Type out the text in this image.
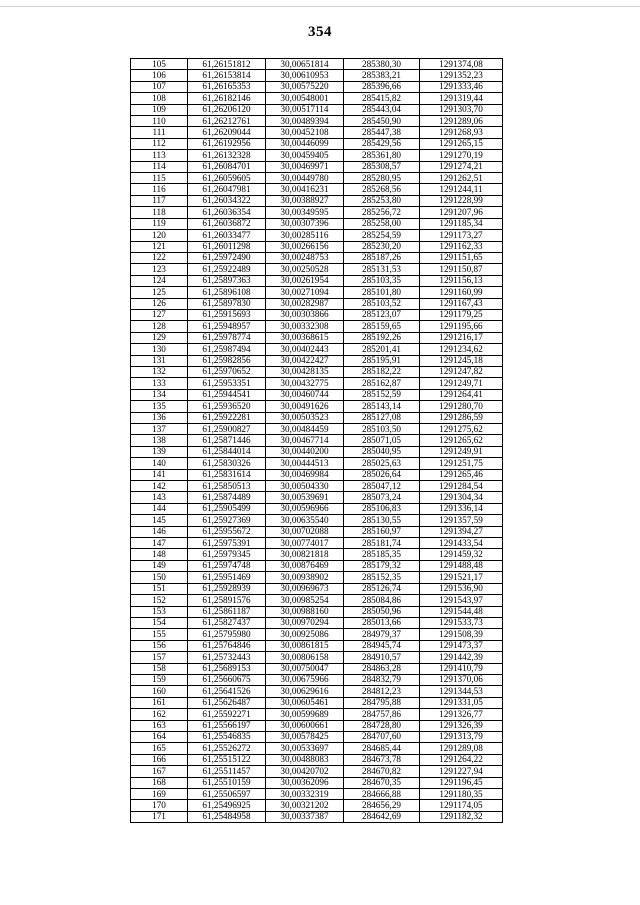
354
105	61,26151812	30,00651814	285380,30	1291374,08
106	61,26153814	30,00610953	285383,21	1291352,23
107	61,26165353	30,00575220	285396,66	1291333,46
108	61,26182146	30,00548001	285415,82	1291319,44
109	61,26206120	30,00517114	285443,04	1291303,70
110	61,26212761	30,00489394	285450,90	1291289,06
111	61,26209044	30,00452108	285447,38	1291268,93
112	61,26192956	30,00446099	285429,56	1291265,15
113	61,26132328	30,00459405	285361,80	1291270,19
114	61,26084701	30,00469971	285308,57	1291274,21
115	61,26059605	30,00449780	285280,95	1291262,51
116	61,26047981	30,00416231	285268,56	1291244,11
117	61,26034322	30,00388927	285253,80	1291228,99
118	61,26036354	30,00349595	285256,72	1291207,96
119	61,26036872	30,00307396	285258,00	1291185,34
120	61,26033477	30,00285116	285254,59	1291173,27
121	61,26011298	30,00266156	285230,20	1291162,33
122	61,25972490	30,00248753	285187,26	1291151,65
123	61,25922489	30,00250528	285131,53	1291150,87
124	61,25897363	30,00261954	285103,35	1291156,13
125	61,25896108	30,00271094	285101,80	1291160,99
126	61,25897830	30,00282987	285103,52	1291167,43
127	61,25915693	30,00303866	285123,07	1291179,25
128	61,25948957	30,00332308	285159,65	1291195,66
129	61,25978774	30,00368615	285192,26	1291216,17
130	61,25987494	30,00402443	285201,41	1291234,62
131	61,25982856	30,00422427	285195,91	1291245,18
132	61,25970652	30,00428135	285182,22	1291247,82
133	61,25953351	30,00432775	285162,87	1291249,71
134	61,25944541	30,00460744	285152,59	1291264,41
135	61,25936520	30,00491626	285143,14	1291280,70
136	61,25922281	30,00503523	285127,08	1291286,59
137	61,25900827	30,00484459	285103,50	1291275,62
138	61,25871446	30,00467714	285071,05	1291265,62
139	61,25844014	30,00440200	285040,95	1291249,91
140	61,25830326	30,00444513	285025,63	1291251,75
141	61,25831614	30,00469984	285026,64	1291265,46
142	61,25850513	30,00504330	285047,12	1291284,54
143	61,25874489	30,00539691	285073,24	1291304,34
144	61,25905499	30,00596966	285106,83	1291336,14
145	61,25927369	30,00635540	285130,55	1291357,59
146	61,25955672	30,00702088	285160,97	1291394,27
147	61,25975391	30,00774017	285181,74	1291433,54
148	61,25979345	30,00821818	285185,35	1291459,32
149	61,25974748	30,00876469	285179,32	1291488,48
150	61,25951469	30,00938902	285152,35	1291521,17
151	61,25928939	30,00969673	285126,74	1291536,90
152	61,25891576	30,00985254	285084,86	1291543,97
153	61,25861187	30,00988160	285050,96	1291544,48
154	61,25827437	30,00970294	285013,66	1291533,73
155	61,25795980	30,00925086	284979,37	1291508,39
156	61,25764846	30,00861815	284945,74	1291473,37
157	61,25732443	30,00806158	284910,57	1291442,39
158	61,25689153	30,00750047	284863,28	1291410,79
159	61,25660675	30,00675966	284832,79	1291370,06
160	61,25641526	30,00629616	284812,23	1291344,53
161	61,25626487	30,00605461	284795,88	1291331,05
162	61,25592271	30,00599689	284757,86	1291326,77
163	61,25566197	30,00600661	284728,80	1291326,39
164	61,25546835	30,00578425	284707,60	1291313,79
165	61,25526272	30,00533697	284685,44	1291289,08
166	61,25515122	30,00488083	284673,78	1291264,22
167	61,25511457	30,00420702	284670,82	1291227,94
168	61,25510159	30,00362096	284670,35	1291196,45
169	61,25506597	30,00332319	284666,88	1291180,35
170	61,25496925	30,00321202	284656,29	1291174,05
171	61,25484958	30,00337387	284642,69	1291182,32
